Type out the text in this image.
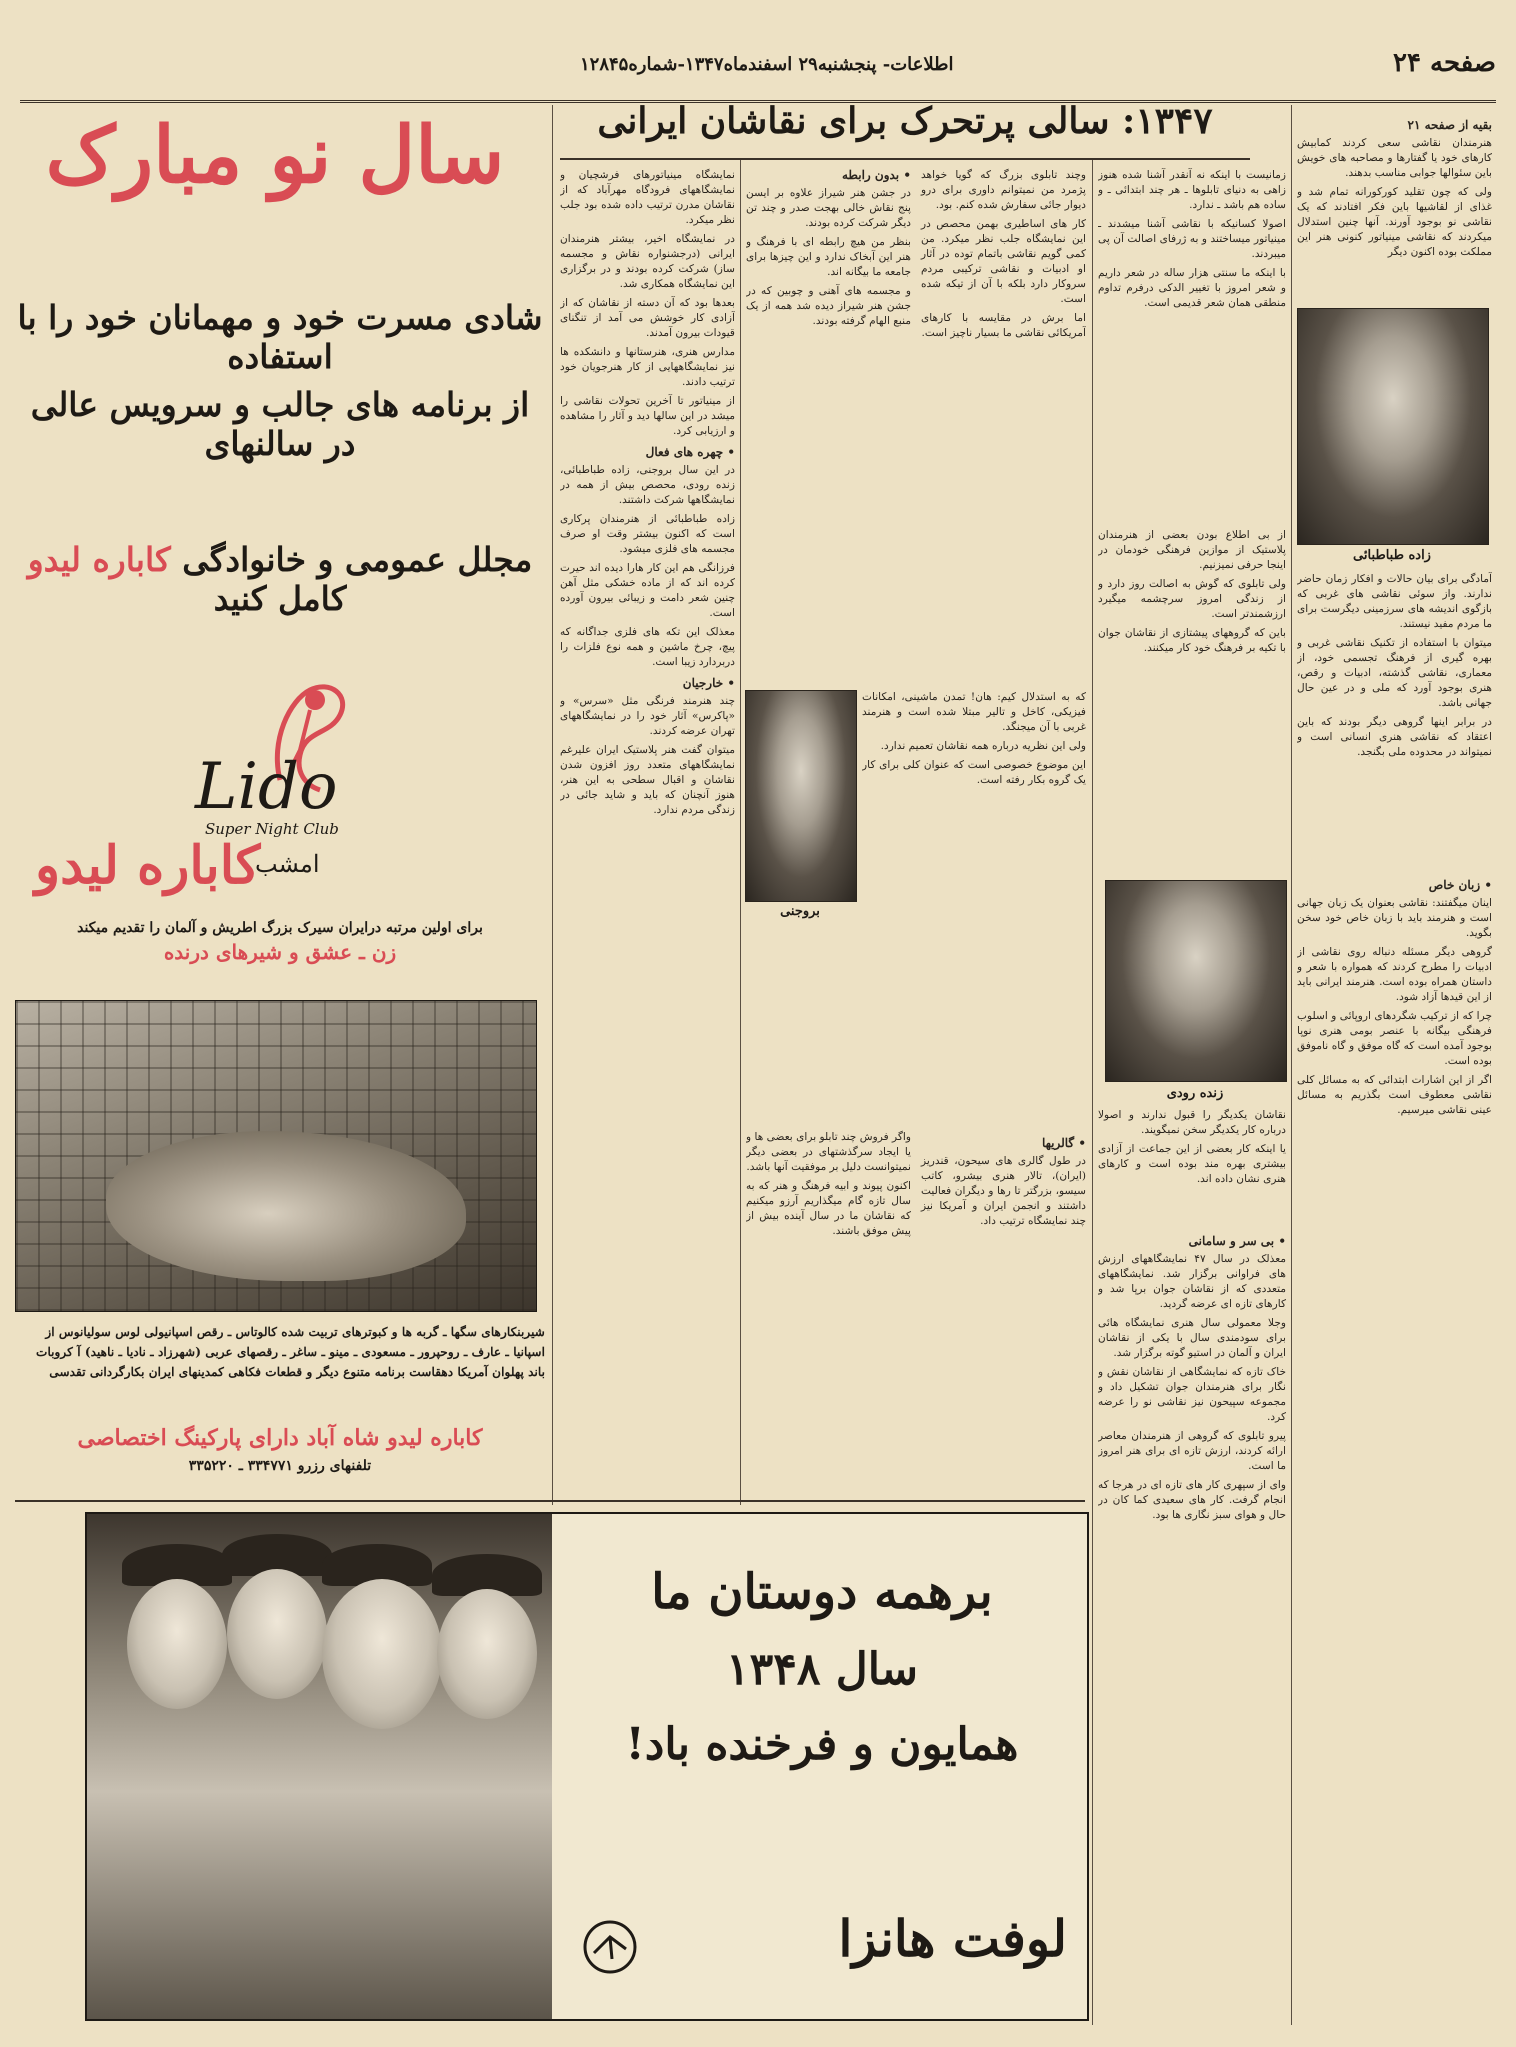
صفحه ۲۴
اطلاعات- پنجشنبه۲۹ اسفندماه۱۳۴۷-شماره۱۲۸۴۵
۱۳۴۷: سالی پرتحرک برای نقاشان ایرانی	بقیه از صفحه ۲۱

هنرمندان نقاشی سعی کردند کمابیش کارهای خود یا گفتارها و مصاحبه های خویش باین سئوالها جوابی مناسب بدهند.

ولی که چون تقلید کورکورانه تمام شد و غذای از لقاشیها باین فکر افتادند که یک نقاشی نو بوجود آورند. آنها چنین استدلال میکردند که نقاشی مینیاتور کنونی هنر این مملکت بوده اکنون دیگر

زاده طباطبائی

آمادگی برای بیان حالات و افکار زمان حاضر ندارند. واز سوئی نقاشی های غربی که بازگوی اندیشه های سرزمینی دیگرست برای ما مردم مفید نیستند.

میتوان با استفاده از تکنیک نقاشی غربی و بهره گیری از فرهنگ تجسمی خود، از معماری، نقاشی گذشته، ادبیات و رقص، هنری بوجود آورد که ملی و در عین حال جهانی باشد.

در برابر اینها گروهی دیگر بودند که باین اعتقاد که نقاشی هنری انسانی است و نمیتواند در محدوده ملی بگنجد.

• زبان خاص

اینان میگفتند: نقاشی بعنوان یک زبان جهانی است و هنرمند باید با زبان خاص خود سخن بگوید.

گروهی دیگر مسئله دنباله روی نقاشی از ادبیات را مطرح کردند که همواره با شعر و داستان همراه بوده است. هنرمند ایرانی باید از این قیدها آزاد شود.

چرا که از ترکیب شگردهای اروپائی و اسلوب فرهنگی بیگانه با عنصر بومی هنری نوپا بوجود آمده است که گاه موفق و گاه ناموفق بوده است.

اگر از این اشارات ابتدائی که به مسائل کلی نقاشی معطوف است بگذریم به مسائل عینی نقاشی میرسیم.

زمانیست با اینکه نه آنقدر آشنا شده هنوز زاهی به دنیای تابلوها ـ هر چند ابتدائی ـ و ساده هم باشد ـ ندارد.

اصولا کسانیکه با نقاشی آشنا میشدند ـ مینیاتور میساختند و به ژرفای اصالت آن پی میبردند.

با اینکه ما سنتی هزار ساله در شعر داریم و شعر امروز با تغییر الدکی درفرم تداوم منطقی همان شعر قدیمی است.

از بی اطلاع بودن بعضی از هنرمندان پلاستیک از موازین فرهنگی خودمان در اینجا حرفی نمیزنیم.

ولی تابلوی که گوش به اصالت روز دارد و از زندگی امروز سرچشمه میگیرد ارزشمندتر است.

باین که گروههای پیشتازی از نقاشان جوان با تکیه بر فرهنگ خود کار میکنند.

زنده رودی

نقاشان یکدیگر را قبول ندارند و اصولا درباره کار یکدیگر سخن نمیگویند.

یا اینکه کار بعضی از این جماعت از آزادی بیشتری بهره مند بوده است و کارهای هنری نشان داده اند.

• بی سر و سامانی

معذلک در سال ۴۷ نمایشگاههای ارزش های فراوانی برگزار شد. نمایشگاههای متعددی که از نقاشان جوان برپا شد و کارهای تازه ای عرضه گردید.

وجلا معمولی سال هنری نمایشگاه هائی برای سودمندی سال با یکی از نقاشان ایران و آلمان در استیو گوته برگزار شد.

خاک تازه که نمایشگاهی از نقاشان نقش و نگار برای هنرمندان جوان تشکیل داد و مجموعه سپیحون نیز نقاشی نو را عرضه کرد.

پیرو تابلوی که گروهی از هنرمندان معاصر ارائه کردند، ارزش تازه ای برای هنر امروز ما است.

وای از سپهری کار های تازه ای در هرجا که انجام گرفت. کار های سعیدی کما کان در حال و هوای سبز نگاری ها بود.

وچند تابلوی بزرگ که گویا خواهد پژمرد من نمیتوانم داوری برای درو دیوار جائی سفارش شده کنم. بود.

کار های اساطیری بهمن محصص در این نمایشگاه جلب نظر میکرد. من کمی گویم نقاشی باتمام توده در آثار او ادبیات و نقاشی ترکیبی مردم سروکار دارد بلکه با آن از تیکه شده است.

اما برش در مقایسه با کارهای آمریکائی نقاشی ما بسیار ناچیز است.

• بدون رابطه

در جشن هنر شیراز علاوه بر ایسن پنج نقاش خالی بهجت صدر و چند تن دیگر شرکت کرده بودند.

بنظر من هیچ رابطه ای با فرهنگ و هنر این آبخاک ندارد و این چیزها برای جامعه ما بیگانه اند.

و مجسمه های آهنی و چوبین که در جشن هنر شیراز دیده شد همه از یک منبع الهام گرفته بودند.

بروجنی

که به استدلال کیم: هان! تمدن ماشینی، امکانات فیزیکی، کاخل و تالیر مبتلا شده است و هنرمند غربی با آن میجنگد.

ولی این نظریه درباره همه نقاشان تعمیم ندارد.

این موضوع خصوصی است که عنوان کلی برای کار یک گروه بکار رفته است.

• گالریها

در طول گالری های سیحون، قندریز (ایران)، تالار هنری بیشرو، کاتب سیسو، بزرگتر تا رها و دیگران فعالیت داشتند و انجمن ایران و آمریکا نیز چند نمایشگاه ترتیب داد.

واگر فروش چند تابلو برای بعضی ها و یا ایجاد سرگذشتهای در بعضی دیگر نمیتوانست دلیل بر موفقیت آنها باشد.

اکنون پیوند و ابیه فرهنگ و هنر که به سال تازه گام میگذاریم آرزو میکنیم که نقاشان ما در سال آینده بیش از پیش موفق باشند.

نمایشگاه مینیاتورهای فرشچیان و نمایشگاههای فرودگاه مهرآباد که از نقاشان مدرن ترتیب داده شده بود جلب نظر میکرد.

در نمایشگاه اخیر، بیشتر هنرمندان ایرانی (درجشنواره نقاش و مجسمه ساز) شرکت کرده بودند و در برگزاری این نمایشگاه همکاری شد.

بعدها بود که آن دسته از نقاشان که از آزادی کار خوشش می آمد از تنگنای قیودات بیرون آمدند.

مدارس هنری، هنرستانها و دانشکده ها نیز نمایشگاههایی از کار هنرجویان خود ترتیب دادند.

از مینیاتور تا آخرین تحولات نقاشی را میشد در این سالها دید و آثار را مشاهده و ارزیابی کرد.

• چهره های فعال

در این سال بروجنی، زاده طباطبائی، زنده رودی، محصص بیش از همه در نمایشگاهها شرکت داشتند.

زاده طباطبائی از هنرمندان پرکاری است که اکنون بیشتر وقت او صرف مجسمه های فلزی میشود.

فرزانگی هم این کار هارا دیده اند حیرت کرده اند که از ماده خشکی مثل آهن چنین شعر دامت و زیبائی بیرون آورده است.

معذلک این تکه های فلزی جداگانه که پیچ، چرخ ماشین و همه نوع فلزات را دربردارد زیبا است.

• خارجیان

چند هنرمند فرنگی مثل «سرس» و «پاکرس» آثار خود را در نمایشگاههای تهران عرضه کردند.

میتوان گفت هنر پلاستیک ایران علیرغم نمایشگاههای متعدد روز افزون شدن نقاشان و اقبال سطحی به این هنر، هنوز آنچنان که باید و شاید جائی در زندگی مردم ندارد.

سال نو مبارک
شادی مسرت خود و مهمانان خود را با استفاده
از برنامه های جالب و سرویس عالی در سالنهای
مجلل عمومی و خانوادگی کاباره لیدو کامل کنید
Lido
Super Night Club
امشب
کاباره لیدو
برای اولین مرتبه درایران سیرک بزرگ اطریش و آلمان را تقدیم میکند
زن ـ عشق و شیرهای درنده
شیربنکارهای سگها ـ گربه ها و کبوترهای تربیت شده کالوتاس ـ رقص اسپانیولی لوس سولیانوس از اسپانیا ـ عارف ـ روحپرور ـ مسعودی ـ مینو ـ ساغر ـ رقصهای عربی (شهرزاد ـ نادیا ـ ناهید) آ کروبات باند پهلوان آمریکا دهقاست برنامه متنوع دیگر و قطعات فکاهی کمدینهای ایران بکارگردانی تقدسی
کاباره لیدو شاه آباد دارای پارکینگ اختصاصی
تلفنهای رزرو ۳۳۴۷۷۱ ـ ۳۳۵۲۲۰
برهمه دوستان ما
سال ۱۳۴۸
همایون و فرخنده باد!
لوفت هانزا
